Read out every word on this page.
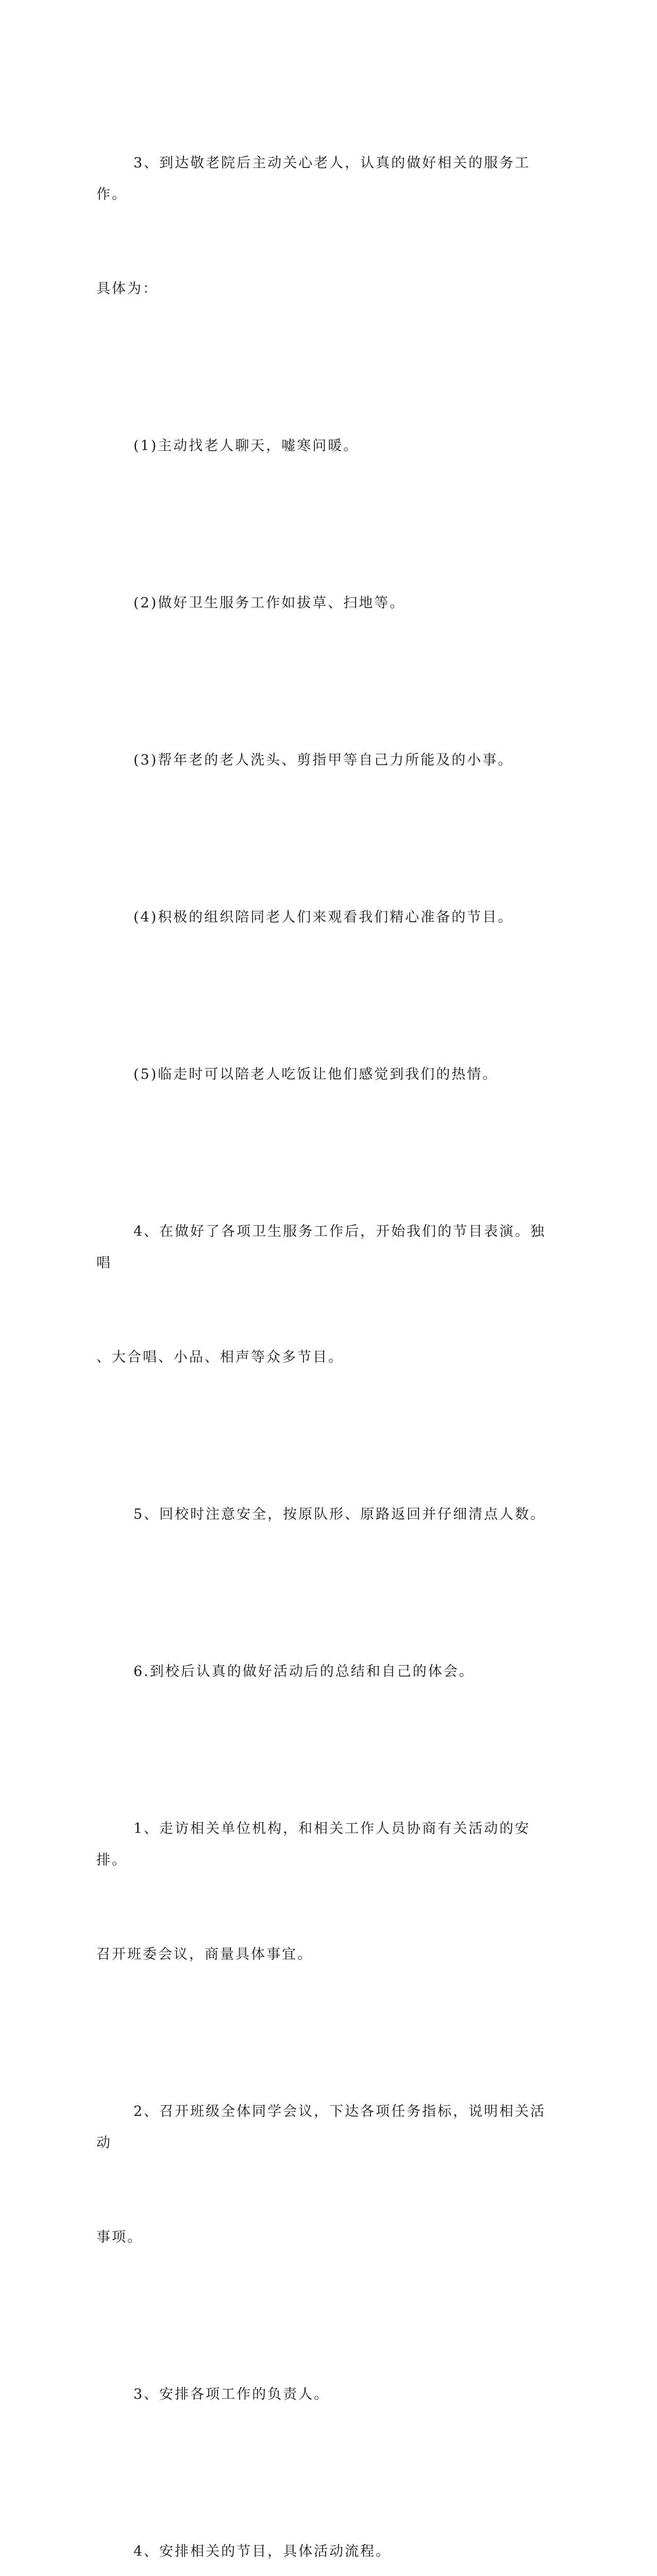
3、到达敬老院后主动关心老人，认真的做好相关的服务工作。

具体为：

(1)主动找老人聊天，嘘寒问暖。

(2)做好卫生服务工作如拔草、扫地等。

(3)帮年老的老人洗头、剪指甲等自己力所能及的小事。

(4)积极的组织陪同老人们来观看我们精心准备的节目。

(5)临走时可以陪老人吃饭让他们感觉到我们的热情。

4、在做好了各项卫生服务工作后，开始我们的节目表演。独唱

、大合唱、小品、相声等众多节目。

5、回校时注意安全，按原队形、原路返回并仔细清点人数。

6.到校后认真的做好活动后的总结和自己的体会。

1、走访相关单位机构，和相关工作人员协商有关活动的安排。

召开班委会议，商量具体事宜。

2、召开班级全体同学会议，下达各项任务指标，说明相关活动

事项。

3、安排各项工作的负责人。

4、安排相关的节目，具体活动流程。
